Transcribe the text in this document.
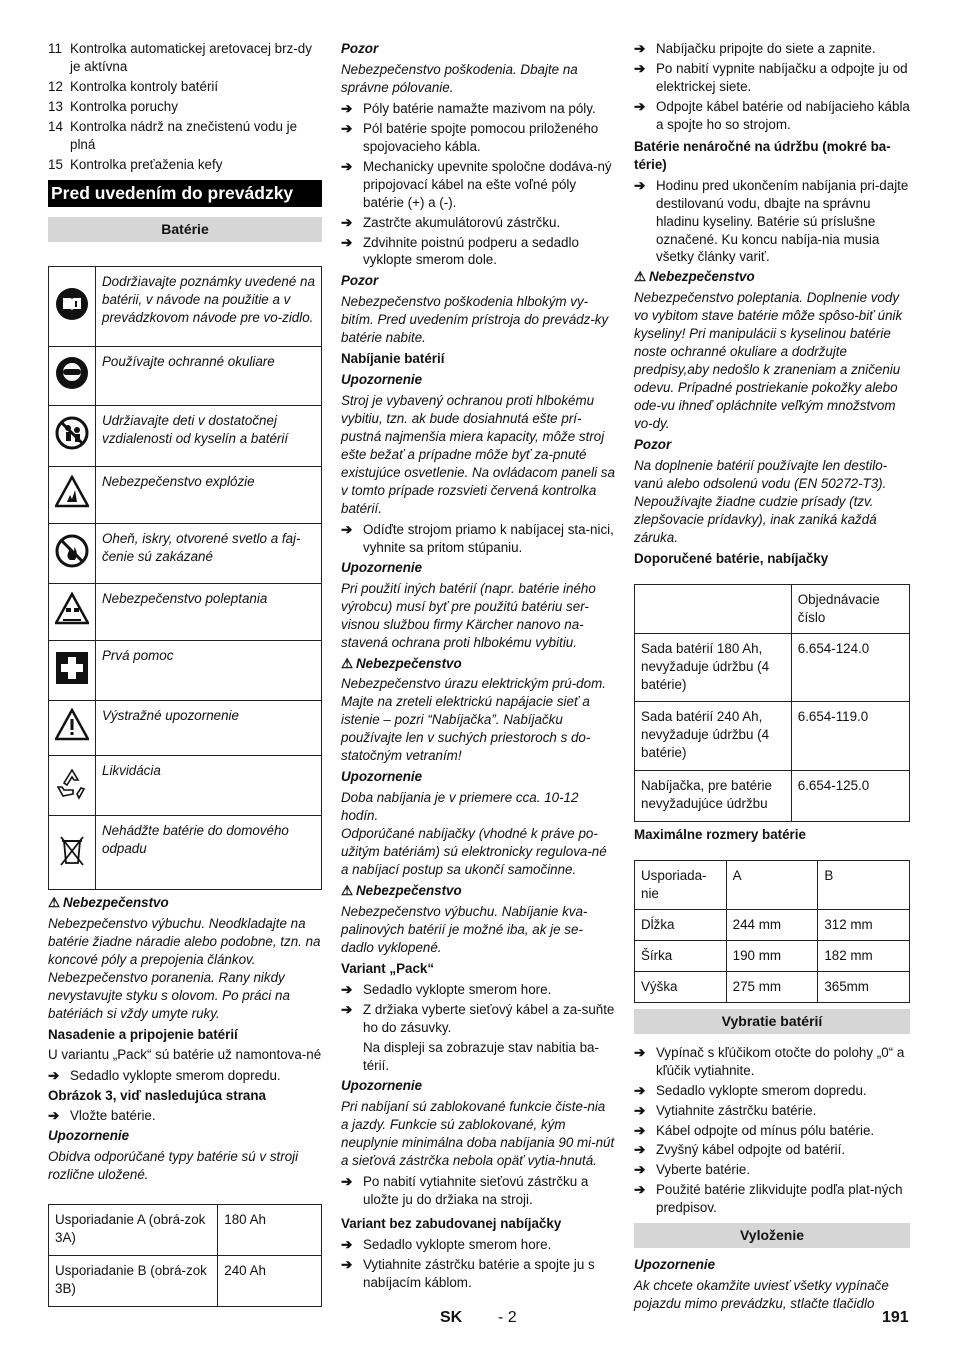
11 Kontrolka automatickej aretovacej brz-dy je aktívna
12 Kontrolka kontroly batérií
13 Kontrolka poruchy
14 Kontrolka nádrž na znečistenú vodu je plná
15 Kontrolka preťaženia kefy
Pred uvedením do prevádzky
Batérie
	Dodržiavajte poznámky uvedené na batérii, v návode na použitie a v prevádzkovom návode pre vo-zidlo.
	Používajte ochranné okuliare
	Udržiavajte deti v dostatočnej vzdialenosti od kyselín a batérií
	Nebezpečenstvo explózie
	Oheň, iskry, otvorené svetlo a faj-čenie sú zakázané
	Nebezpečenstvo poleptania
	Prvá pomoc
	Výstražné upozornenie
	Likvidácia
	Nehádžte batérie do domového odpadu

⚠ Nebezpečenstvo

Nebezpečenstvo výbuchu. Neodkladajte na batérie žiadne náradie alebo podobne, tzn. na koncové póly a prepojenia článkov. Nebezpečenstvo poranenia. Rany nikdy nevystavujte styku s olovom. Po práci na batériách si vždy umyte ruky.

Nasadenie a pripojenie batérií

U variantu „Pack“ sú batérie už namontova-né

➔ Sedadlo vyklopte smerom dopredu.

Obrázok 3, viď nasledujúca strana

➔ Vložte batérie.

Upozornenie

Obidva odporúčané typy batérie sú v stroji rozlične uložené.

Usporiadanie A (obrá-zok 3A)	180 Ah
Usporiadanie B (obrá-zok 3B)	240 Ah

Pozor

Nebezpečenstvo poškodenia. Dbajte na správne pólovanie.

➔ Póly batérie namažte mazivom na póly.
➔ Pól batérie spojte pomocou priloženého spojovacieho kábla.
➔ Mechanicky upevnite spoločne dodáva-ný pripojovací kábel na ešte voľné póly batérie (+) a (-).
➔ Zastrčte akumulátorovú zástrčku.
➔ Zdvihnite poistnú podperu a sedadlo vyklopte smerom dole.

Pozor

Nebezpečenstvo poškodenia hlbokým vy-bitím. Pred uvedením prístroja do prevádz-ky batérie nabite.

Nabíjanie batérií

Upozornenie

Stroj je vybavený ochranou proti hlbokému vybitiu, tzn. ak bude dosiahnutá ešte prí-pustná najmenšia miera kapacity, môže stroj ešte bežať a prípadne môže byť za-pnuté existujúce osvetlenie. Na ovládacom paneli sa v tomto prípade rozsvieti červená kontrolka batérií.

➔ Odíďte strojom priamo k nabíjacej sta-nici, vyhnite sa pritom stúpaniu.

Upozornenie

Pri použití iných batérií (napr. batérie iného výrobcu) musí byť pre použitú batériu ser-visnou službou firmy Kärcher nanovo na-stavená ochrana proti hlbokému vybitiu.

⚠ Nebezpečenstvo

Nebezpečenstvo úrazu elektrickým prú-dom. Majte na zreteli elektrickú napájacie sieť a istenie – pozri “Nabíjačka”. Nabíjačku používajte len v suchých priestoroch s do-statočným vetraním!

Upozornenie

Doba nabíjania je v priemere cca. 10-12 hodín.

Odporúčané nabíjačky (vhodné k práve po-užitým batériám) sú elektronicky regulova-né a nabíjací postup sa ukončí samočinne.

⚠ Nebezpečenstvo

Nebezpečenstvo výbuchu. Nabíjanie kva-palinových batérií je možné iba, ak je se-dadlo vyklopené.

Variant „Pack“

➔ Sedadlo vyklopte smerom hore.
➔ Z držiaka vyberte sieťový kábel a za-suňte ho do zásuvky.

Na displeji sa zobrazuje stav nabitia ba-térií.

Upozornenie

Pri nabíjaní sú zablokované funkcie čiste-nia a jazdy. Funkcie sú zablokované, kým neuplynie minimálna doba nabíjania 90 mi-nút a sieťová zástrčka nebola opäť vytia-hnutá.

➔ Po nabití vytiahnite sieťovú zástrčku a uložte ju do držiaka na stroji.

Variant bez zabudovanej nabíjačky

➔ Sedadlo vyklopte smerom hore.
➔ Vytiahnite zástrčku batérie a spojte ju s nabíjacím káblom.
➔ Nabíjačku pripojte do siete a zapnite.
➔ Po nabití vypnite nabíjačku a odpojte ju od elektrickej siete.
➔ Odpojte kábel batérie od nabíjacieho kábla a spojte ho so strojom.

Batérie nenáročné na údržbu (mokré ba-térie)

➔ Hodinu pred ukončením nabíjania pri-dajte destilovanú vodu, dbajte na správnu hladinu kyseliny. Batérie sú príslušne označené. Ku koncu nabíja-nia musia všetky články variť.

⚠ Nebezpečenstvo

Nebezpečenstvo poleptania. Doplnenie vody vo vybitom stave batérie môže spôso-biť únik kyseliny! Pri manipulácii s kyselinou batérie noste ochranné okuliare a dodržujte predpisy,aby nedošlo k zraneniam a zničeniu odevu. Prípadné postriekanie pokožky alebo ode-vu ihneď opláchnite veľkým množstvom vo-dy.

Pozor

Na doplnenie batérií používajte len destilo-vanú alebo odsolenú vodu (EN 50272-T3). Nepoužívajte žiadne cudzie prísady (tzv. zlepšovacie prídavky), inak zaniká každá záruka.

Doporučené batérie, nabíjačky

	Objednávacie číslo
Sada batérií 180 Ah, nevyžaduje údržbu (4 batérie)	6.654-124.0
Sada batérií 240 Ah, nevyžaduje údržbu (4 batérie)	6.654-119.0
Nabíjačka, pre batérie nevyžadujúce údržbu	6.654-125.0

Maximálne rozmery batérie

Usporiada-nie	A	B
Dĺžka	244 mm	312 mm
Šírka	190 mm	182 mm
Výška	275 mm	365mm
Vybratie batérií
➔ Vypínač s kľúčikom otočte do polohy „0“ a kľúčik vytiahnite.
➔ Sedadlo vyklopte smerom dopredu.
➔ Vytiahnite zástrčku batérie.
➔ Kábel odpojte od mínus pólu batérie.
➔ Zvyšný kábel odpojte od batérií.
➔ Vyberte batérie.
➔ Použité batérie zlikvidujte podľa plat-ných predpisov.
Vyloženie

Upozornenie

Ak chcete okamžite uviesť všetky vypínače pojazdu mimo prevádzku, stlačte tlačidlo

SK - 2	191
